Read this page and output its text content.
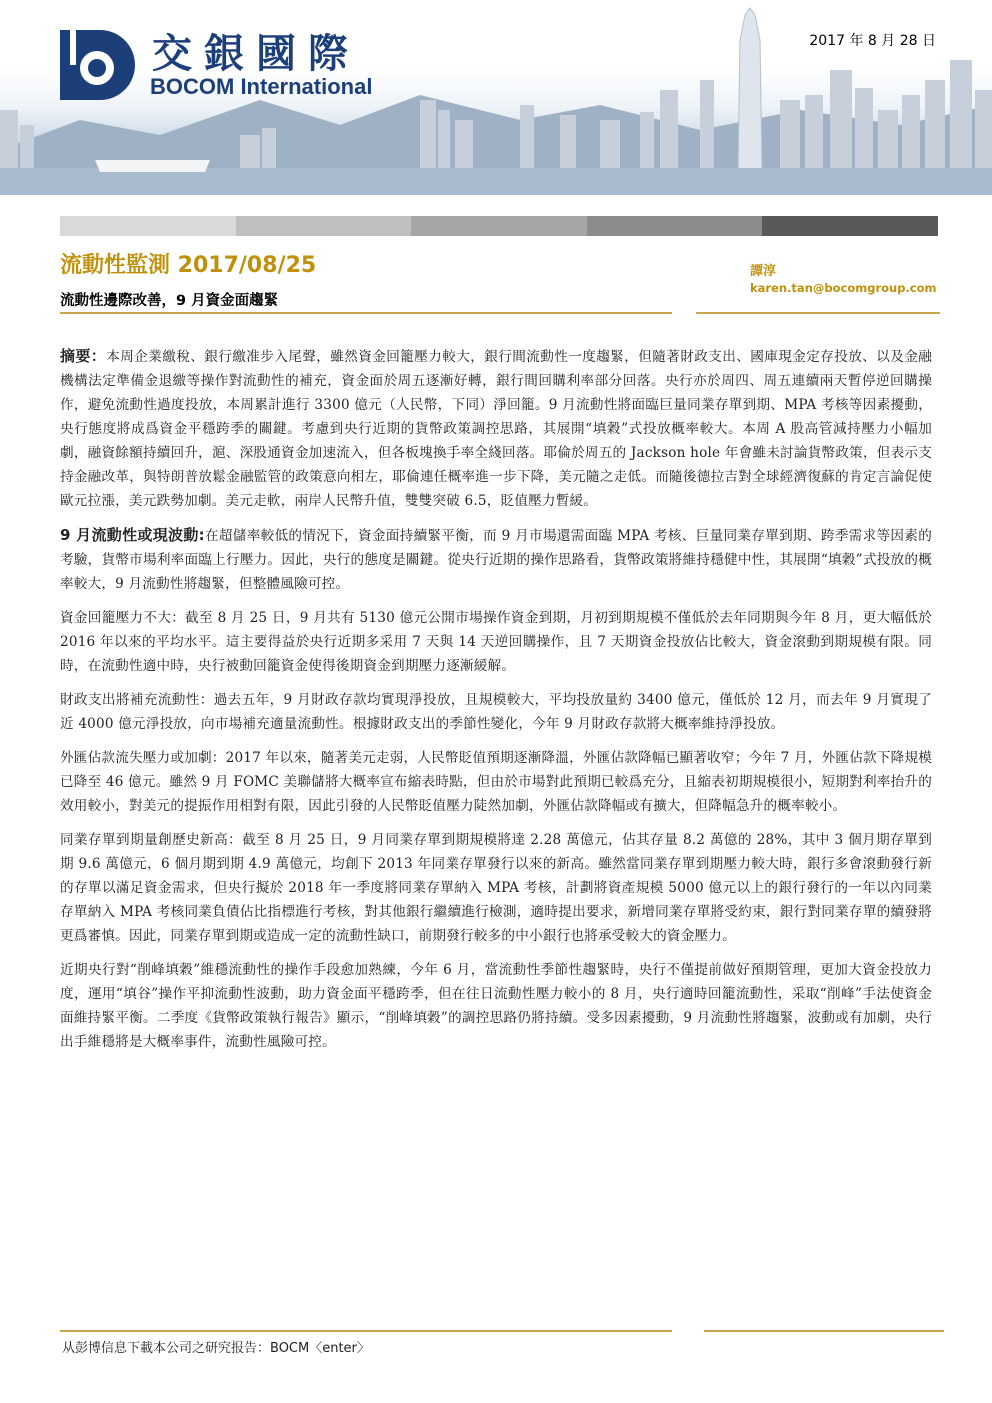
交銀國際
BOCOM International
2017 年 8 月 28 日
流動性監測 2017/08/25
流動性邊際改善，9 月資金面趨緊
譚淳
karen.tan@bocomgroup.com

摘要：本周企業繳稅、銀行繳准步入尾聲，雖然資金回籠壓力較大，銀行間流動性一度趨緊，但隨著財政支出、國庫現金定存投放、以及金融機構法定準備金退繳等操作對流動性的補充，資金面於周五逐漸好轉，銀行間回購利率部分回落。央行亦於周四、周五連續兩天暫停逆回購操作，避免流動性過度投放，本周累計進行 3300 億元（人民幣，下同）淨回籠。9 月流動性將面臨巨量同業存單到期、MPA 考核等因素擾動，央行態度將成爲資金平穩跨季的關鍵。考慮到央行近期的貨幣政策調控思路，其展開“填穀”式投放概率較大。本周 A 股高管減持壓力小幅加劇，融資餘額持續回升，滬、深股通資金加速流入，但各板塊換手率全綫回落。耶倫於周五的 Jackson hole 年會雖未討論貨幣政策，但表示支持金融改革，與特朗普放鬆金融監管的政策意向相左，耶倫連任概率進一步下降，美元隨之走低。而隨後德拉吉對全球經濟復蘇的肯定言論促使歐元拉漲，美元跌勢加劇。美元走軟，兩岸人民幣升值，雙雙突破 6.5，貶值壓力暫緩。

9 月流動性或現波動:在超儲率較低的情況下，資金面持續緊平衡，而 9 月市場還需面臨 MPA 考核、巨量同業存單到期、跨季需求等因素的考驗，貨幣市場利率面臨上行壓力。因此，央行的態度是關鍵。從央行近期的操作思路看，貨幣政策將維持穩健中性，其展開“填穀”式投放的概率較大，9 月流動性將趨緊，但整體風險可控。

資金回籠壓力不大：截至 8 月 25 日，9 月共有 5130 億元公開市場操作資金到期，月初到期規模不僅低於去年同期與今年 8 月，更大幅低於 2016 年以來的平均水平。這主要得益於央行近期多采用 7 天與 14 天逆回購操作，且 7 天期資金投放佔比較大，資金滾動到期規模有限。同時，在流動性適中時，央行被動回籠資金使得後期資金到期壓力逐漸緩解。

財政支出將補充流動性：過去五年，9 月財政存款均實現淨投放，且規模較大，平均投放量約 3400 億元，僅低於 12 月，而去年 9 月實現了近 4000 億元淨投放，向市場補充適量流動性。根據財政支出的季節性變化，今年 9 月財政存款將大概率維持淨投放。

外匯佔款流失壓力或加劇：2017 年以來，隨著美元走弱，人民幣貶值預期逐漸降溫，外匯佔款降幅已顯著收窄；今年 7 月，外匯佔款下降規模已降至 46 億元。雖然 9 月 FOMC 美聯儲將大概率宣布縮表時點，但由於市場對此預期已較爲充分，且縮表初期規模很小，短期對利率抬升的效用較小，對美元的提振作用相對有限，因此引發的人民幣貶值壓力陡然加劇，外匯佔款降幅或有擴大，但降幅急升的概率較小。

同業存單到期量創歷史新高：截至 8 月 25 日，9 月同業存單到期規模將達 2.28 萬億元，佔其存量 8.2 萬億的 28%，其中 3 個月期存單到期 9.6 萬億元，6 個月期到期 4.9 萬億元，均創下 2013 年同業存單發行以來的新高。雖然當同業存單到期壓力較大時，銀行多會滾動發行新的存單以滿足資金需求，但央行擬於 2018 年一季度將同業存單納入 MPA 考核，計劃將資產規模 5000 億元以上的銀行發行的一年以內同業存單納入 MPA 考核同業負債佔比指標進行考核，對其他銀行繼續進行檢測，適時提出要求，新增同業存單將受約束，銀行對同業存單的續發將更爲審慎。因此，同業存單到期或造成一定的流動性缺口，前期發行較多的中小銀行也將承受較大的資金壓力。

近期央行對“削峰填穀”維穩流動性的操作手段愈加熟練，今年 6 月，當流動性季節性趨緊時，央行不僅提前做好預期管理，更加大資金投放力度，運用“填谷”操作平抑流動性波動，助力資金面平穩跨季，但在往日流動性壓力較小的 8 月，央行適時回籠流動性，采取“削峰”手法使資金面維持緊平衡。二季度《貨幣政策執行報告》顯示，“削峰填穀”的調控思路仍將持續。受多因素擾動，9 月流動性將趨緊，波動或有加劇，央行出手維穩將是大概率事件，流動性風險可控。

从彭博信息下載本公司之研究报告：BOCM〈enter〉
